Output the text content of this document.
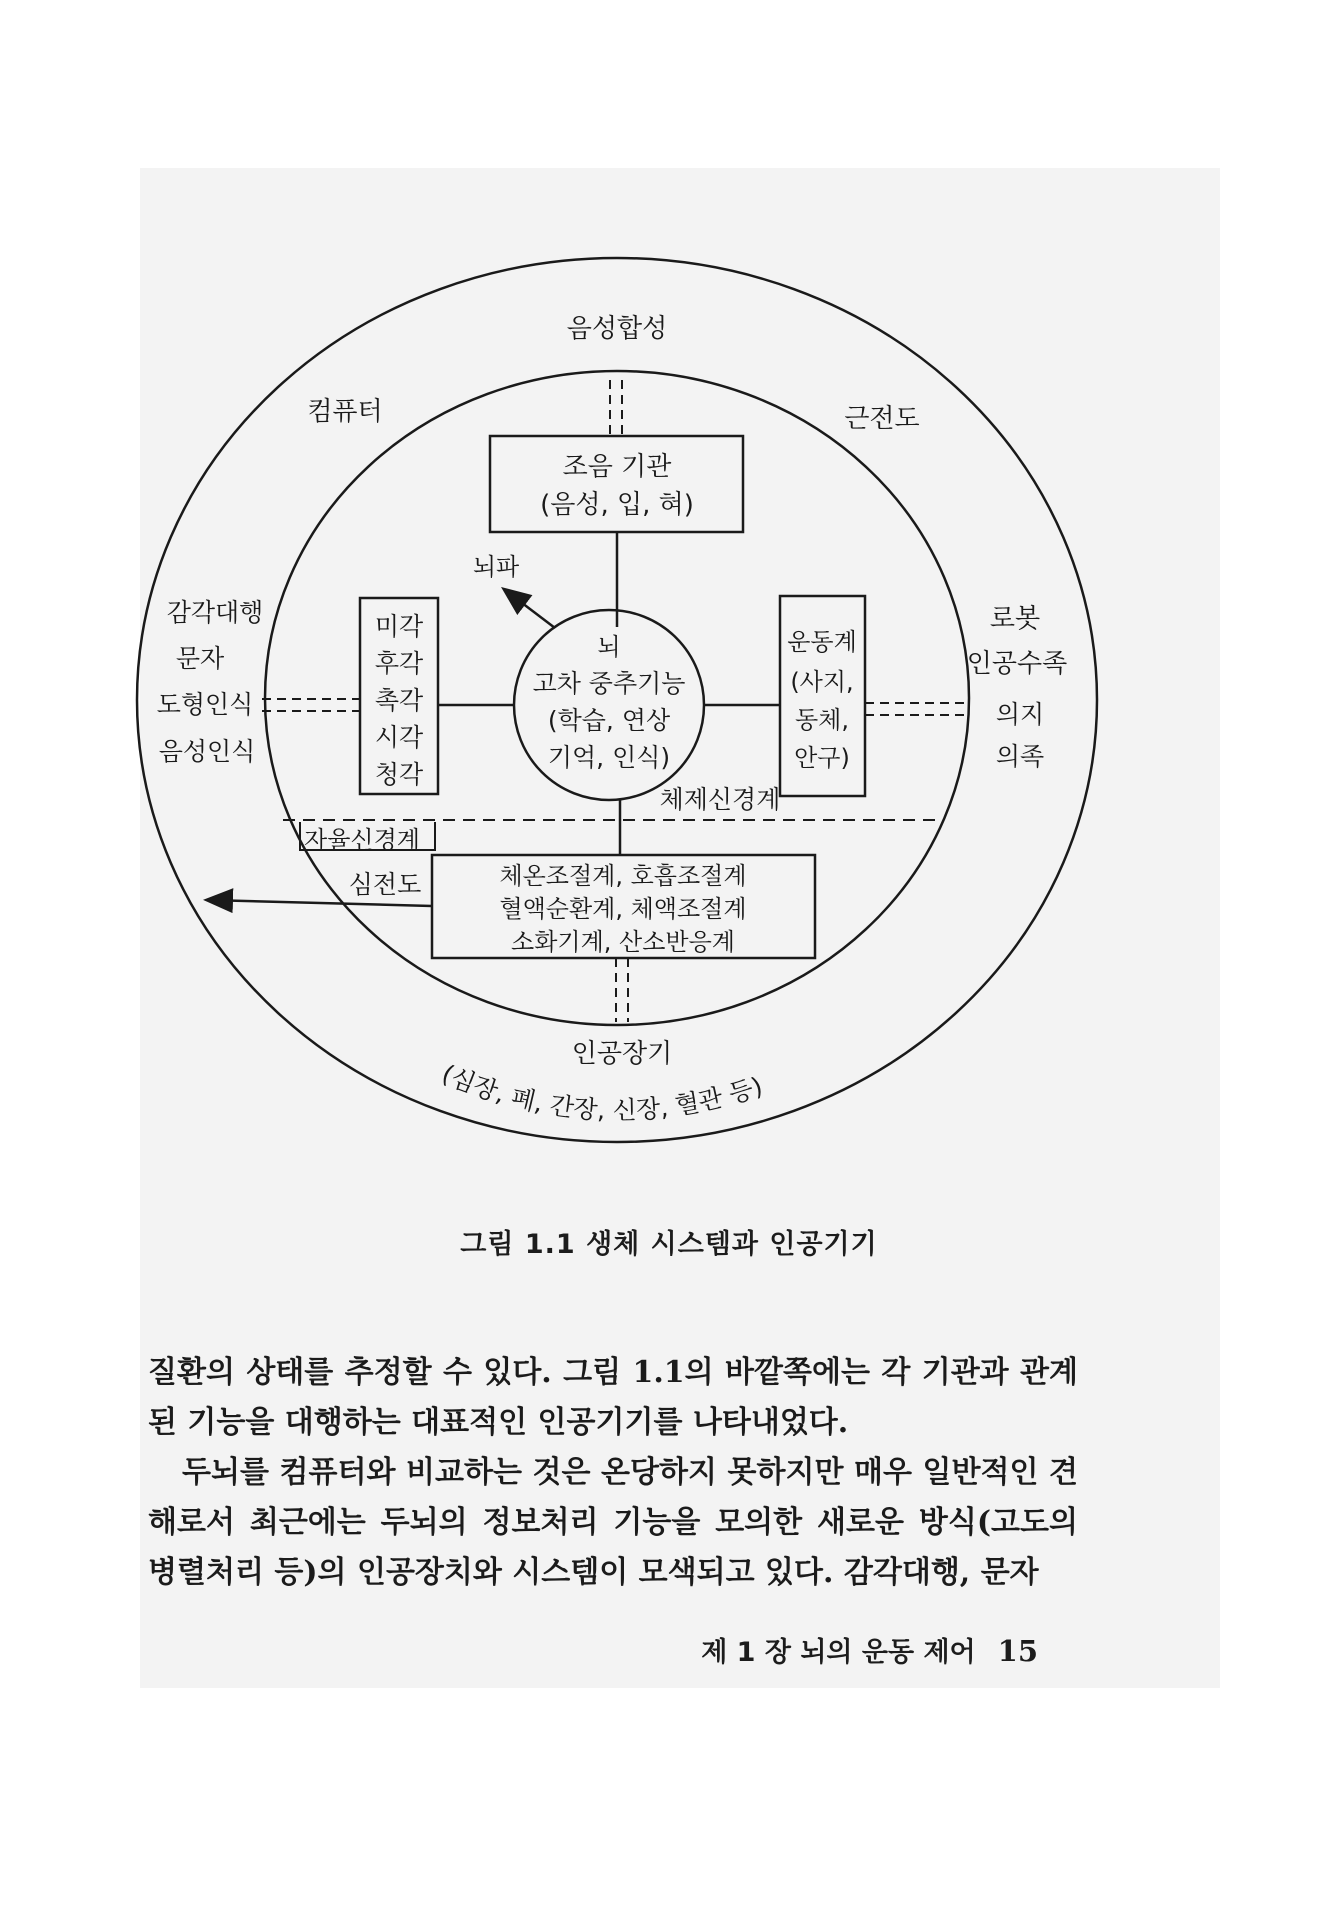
조음 기관
(음성, 입, 혀)
뇌
고차 중추기능
(학습, 연상
기억, 인식)
뇌파
미각
후각
촉각
시각
청각
운동계
(사지,
동체,
안구)
체제신경계
자율신경계
심전도	체온조절계, 호흡조절계
혈액순환계, 체액조절계
소화기계, 산소반응계
음성합성
컴퓨터	근전도
감각대행
문자
도형인식
음성인식
로봇
인공수족
의지
의족
인공장기
(심장, 폐, 간장, 신장, 혈관 등)
그림 1.1 생체 시스템과 인공기기

질환의 상태를 추정할 수 있다. 그림 1.1의 바깥쪽에는 각 기관과 관계된 기능을 대행하는 대표적인 인공기기를 나타내었다.

두뇌를 컴퓨터와 비교하는 것은 온당하지 못하지만 매우 일반적인 견해로서 최근에는 두뇌의 정보처리 기능을 모의한 새로운 방식(고도의 병렬처리 등)의 인공장치와 시스템이 모색되고 있다. 감각대행, 문자

제 1 장 뇌의 운동 제어 15
